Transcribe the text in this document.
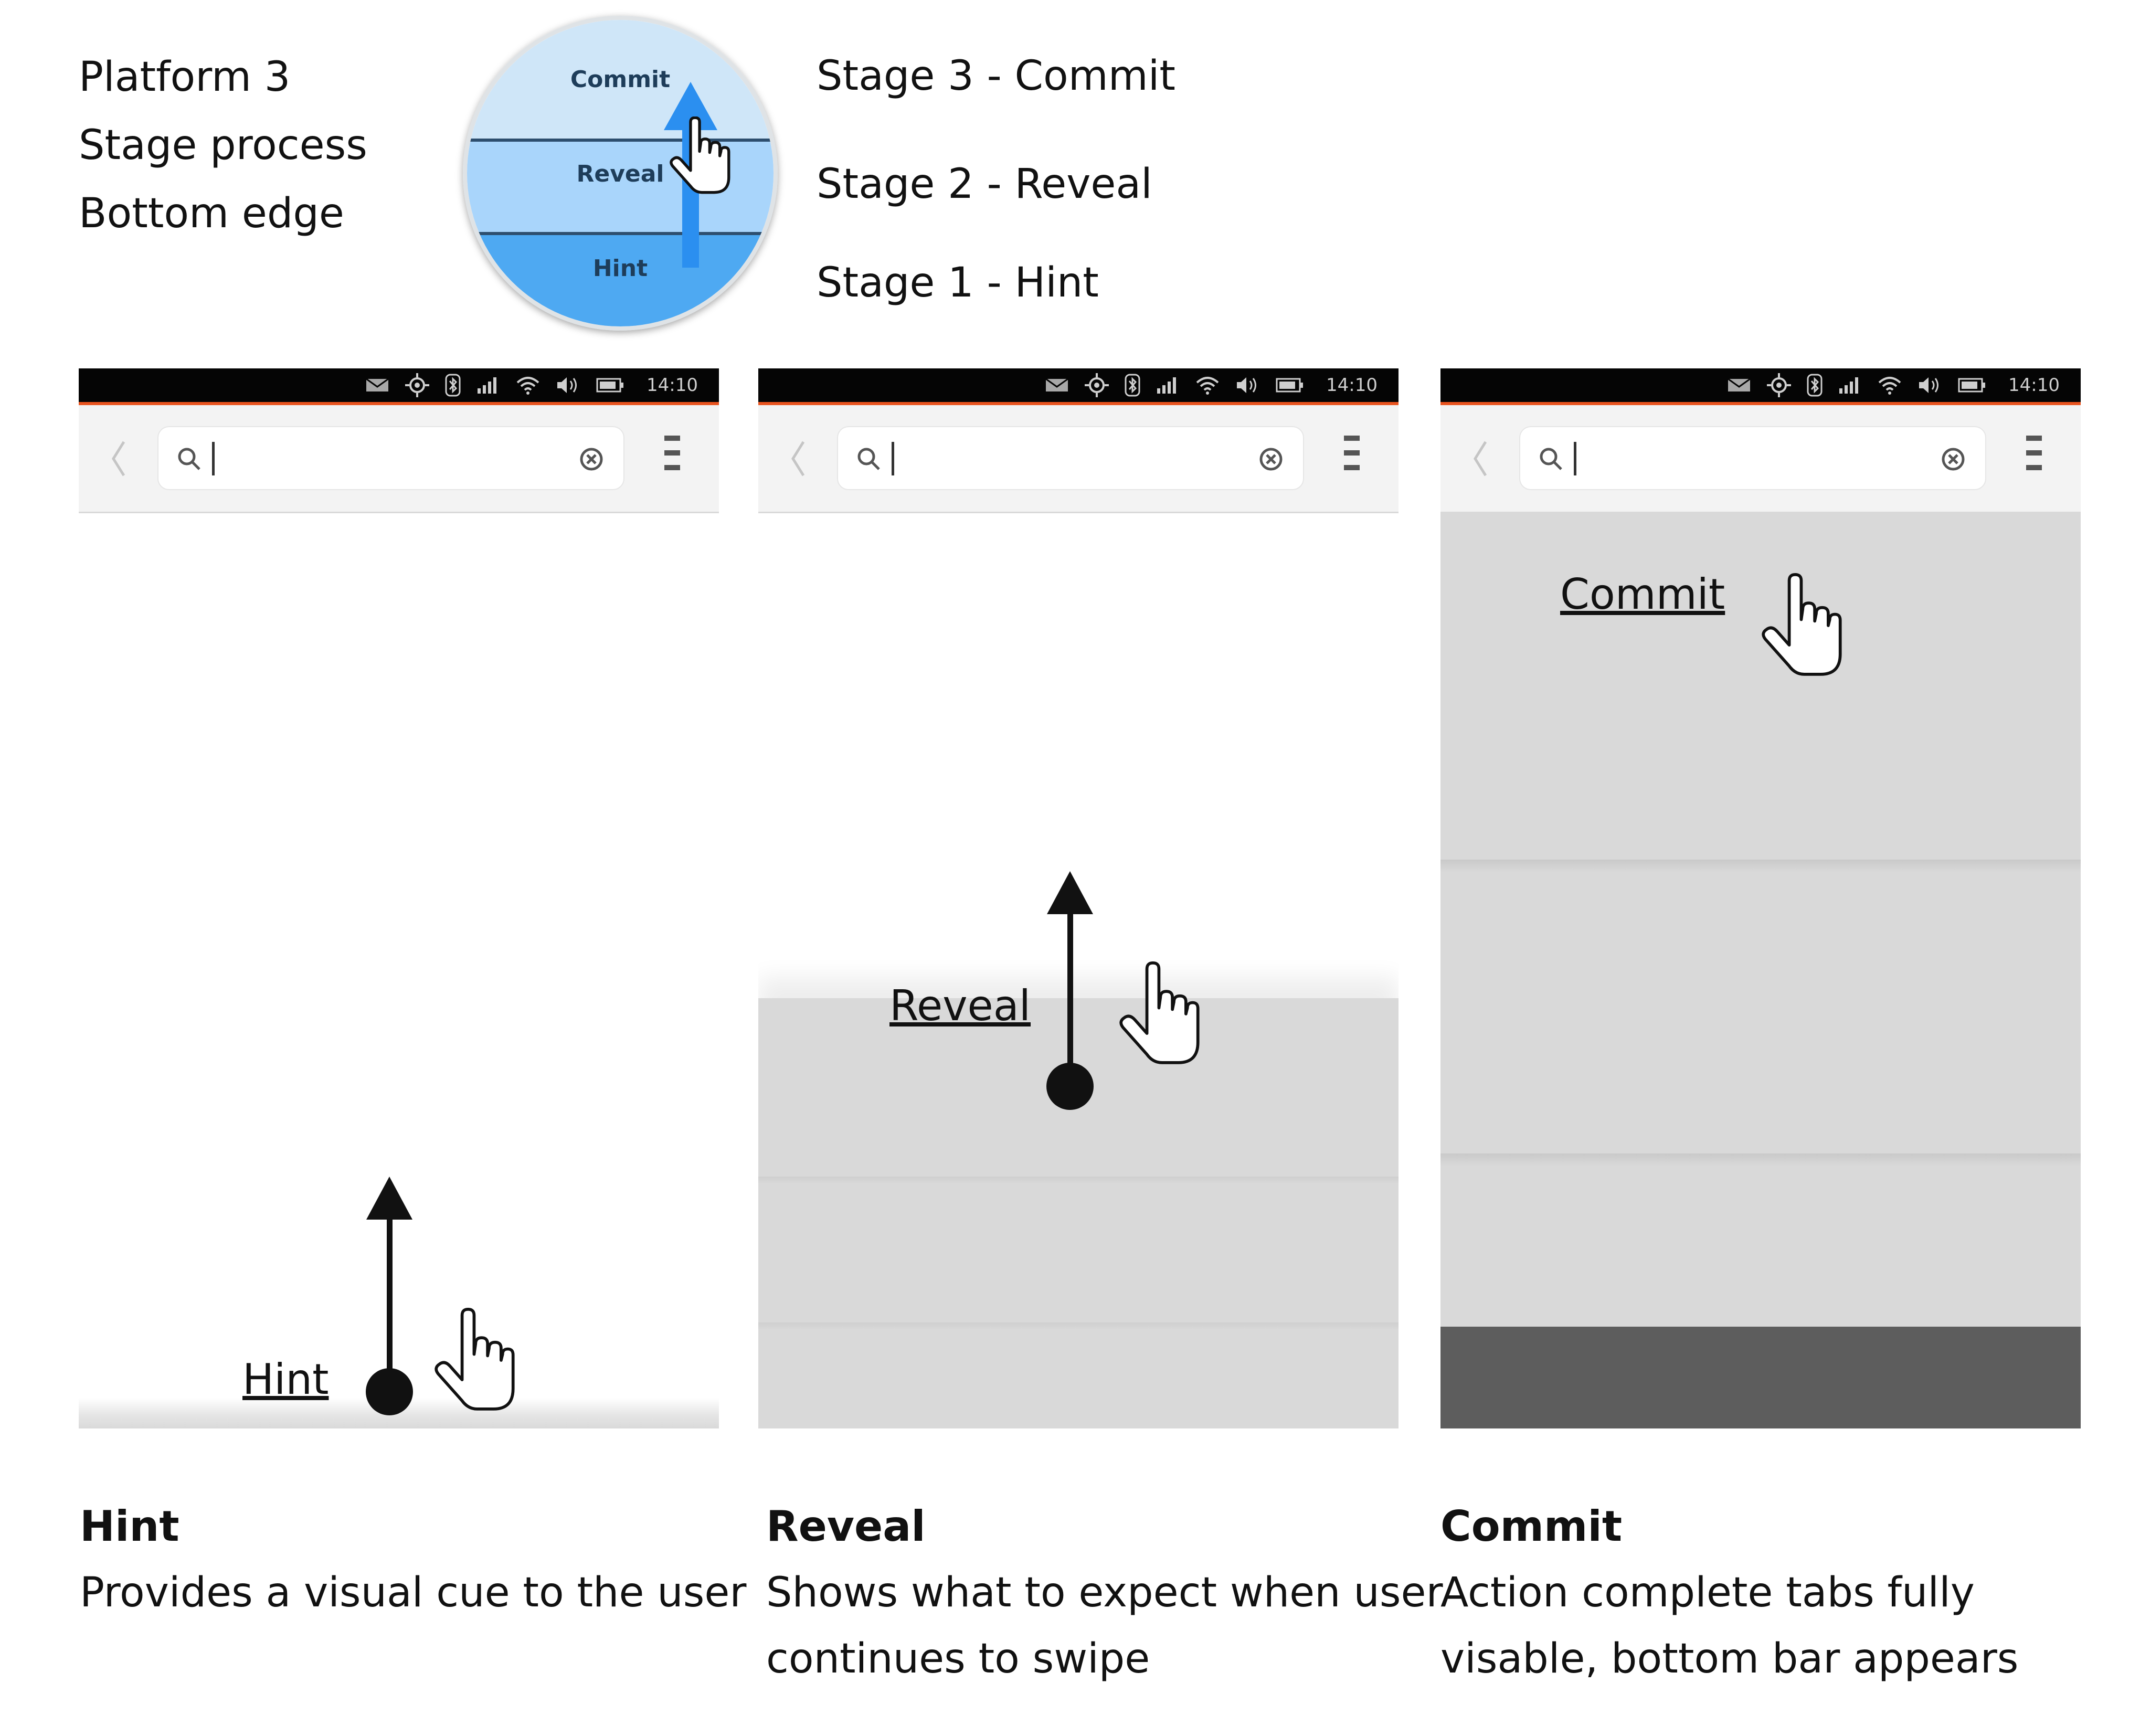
Platform 3
Stage process
Bottom edge
Commit
Reveal
Hint
Stage 3 - Commit
Stage 2 - Reveal
Stage 1 - Hint
14:10
Hint
14:10
Reveal
14:10
Commit
Hint
Provides a visual cue to the user
Reveal
Shows what to expect when user
continues to swipe
Commit
Action complete tabs fully
visable, bottom bar appears
